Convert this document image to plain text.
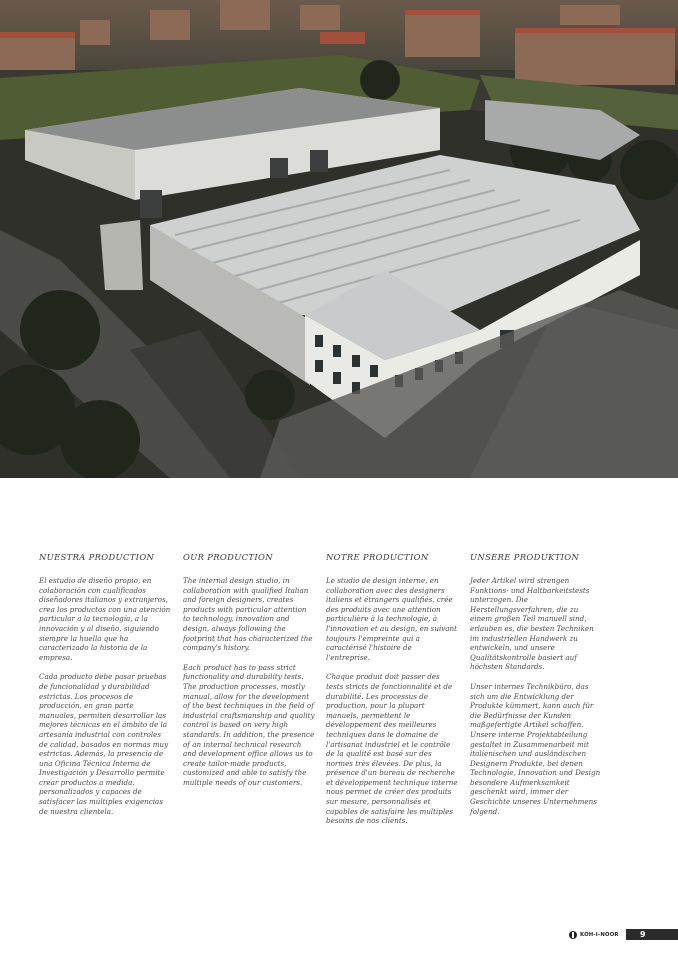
NUESTRA PRODUCTION

El estudio de diseño propio, en colaboración con cualificados diseñadores italianos y extranjeros, crea los productos con una atención particular a la tecnología, a la innovación y al diseño, siguiendo siempre la huella que ha caracterizado la historia de la empresa.

Cada producto debe pasar pruebas de funcionalidad y durabilidad estrictas. Los procesos de producción, en gran parte manuales, permiten desarrollar las mejores técnicas en el ámbito de la artesanía industrial con controles de calidad, basados en normas muy estrictas. Además, la presencia de una Oficina Técnica Interna de Investigación y Desarrollo permite crear productos a medida, personalizados y capaces de satisfacer las múltiples exigencias de nuestra clientela.

OUR PRODUCTION

The internal design studio, in collaboration with qualified Italian and foreign designers, creates products with particular attention to technology, innovation and design, always following the footprint that has characterized the company's history.

Each product has to pass strict functionality and durability tests. The production processes, mostly manual, allow for the development of the best techniques in the field of industrial craftsmanship and quality control is based on very high standards. In addition, the presence of an internal technical research and development office allows us to create tailor-made products, customized and able to satisfy the multiple needs of our customers.

NOTRE PRODUCTION

Le studio de design interne, en collaboration avec des designers italiens et étrangers qualifiés, crée des produits avec une attention particulière à la technologie, à l'innovation et au design, en suivant toujours l'empreinte qui a caractérisé l'histoire de l'entreprise.

Chaque produit doit passer des tests stricts de fonctionnalité et de durabilité. Les processus de production, pour la plupart manuels, permettent le développement des meilleures techniques dans le domaine de l'artisanat industriel et le contrôle de la qualité est basé sur des normes très élevées. De plus, la présence d'un bureau de recherche et développement technique interne nous permet de créer des produits sur mesure, personnalisés et capables de satisfaire les multiples besoins de nos clients.

UNSERE PRODUKTION

Jeder Artikel wird strengen Funktions- und Haltbarkeitstests unterzogen. Die Herstellungsverfahren, die zu einem großen Teil manuell sind, erlauben es, die besten Techniken im industriellen Handwerk zu entwickeln, und unsere Qualitätskontrolle basiert auf höchsten Standards.

Unser internes Technikbüro, das sich um die Entwicklung der Produkte kümmert, kann auch für die Bedürfnisse der Kunden maßgefertigte Artikel schaffen. Unsere interne Projektabteilung gestaltet in Zusammenarbeit mit italienischen und ausländischen Designern Produkte, bei denen Technologie, Innovation und Design besondere Aufmerksamkeit geschenkt wird, immer der Geschichte unseres Unternehmens folgend.

KOH-I-NOOR	9
